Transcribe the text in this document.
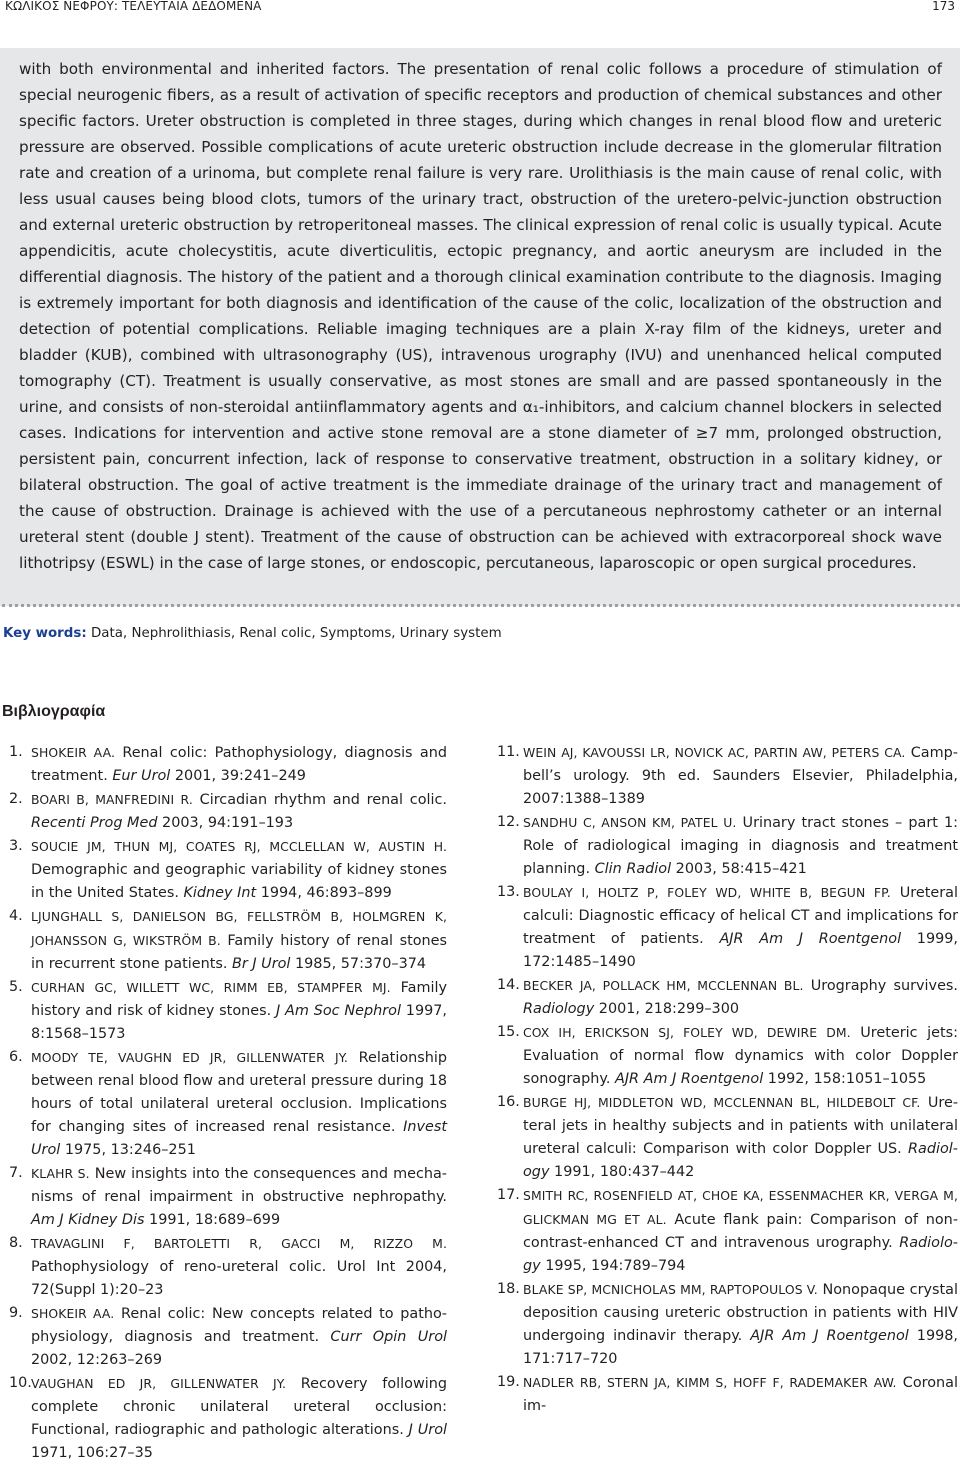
ΚΩΛΙΚΟΣ ΝΕΦΡΟΥ: ΤΕΛΕΥΤΑΙΑ ΔΕΔΟΜΕΝΑ	173

with both environmental and inherited factors. The presentation of renal colic follows a procedure of stimulation of special neurogenic fibers, as a result of activation of specific receptors and production of chemical substances and other specific factors. Ureter obstruction is completed in three stages, during which changes in renal blood flow and ureteric pressure are observed. Possible complications of acute ureteric obstruction include decrease in the glomerular filtration rate and creation of a urinoma, but complete renal failure is very rare. Urolithiasis is the main cause of renal colic, with less usual causes being blood clots, tumors of the urinary tract, obstruction of the uretero-pelvic-junction obstruction and external ureteric obstruction by retroperitoneal masses. The clinical expression of renal colic is usually typical. Acute appendicitis, acute cholecystitis, acute diverticulitis, ectopic pregnancy, and aortic aneurysm are included in the differential diagnosis. The history of the patient and a thorough clinical examination contribute to the diagnosis. Imaging is extremely important for both diagnosis and identification of the cause of the colic, localization of the obstruction and detection of potential complications. Reliable imaging techniques are a plain X-ray film of the kidneys, ureter and bladder (KUB), combined with ultrasonography (US), intravenous urography (IVU) and unenhanced helical computed tomography (CT). Treatment is usually conservative, as most stones are small and are passed spontaneously in the urine, and consists of non-steroidal antiinflammatory agents and α₁-inhibitors, and calcium channel blockers in selected cases. Indications for intervention and active stone removal are a stone diameter of ≥7 mm, prolonged obstruction, persistent pain, concurrent infection, lack of response to conservative treatment, obstruction in a solitary kidney, or bilateral obstruction. The goal of active treatment is the immediate drainage of the urinary tract and management of the cause of obstruction. Drainage is achieved with the use of a percutaneous nephrostomy catheter or an internal ureteral stent (double J stent). Treatment of the cause of obstruction can be achieved with extracorporeal shock wave lithotripsy (ESWL) in the case of large stones, or endoscopic, percutaneous, laparoscopic or open surgical procedures.

Key words: Data, Nephrolithiasis, Renal colic, Symptoms, Urinary system
Βιβλιογραφία
1. SHOKEIR AA. Renal colic: Pathophysiology, diagnosis and treatment. Eur Urol 2001, 39:241–249
2. BOARI B, MANFREDINI R. Circadian rhythm and renal colic. Recenti Prog Med 2003, 94:191–193
3. SOUCIE JM, THUN MJ, COATES RJ, MCCLELLAN W, AUSTIN H. Demographic and geographic variability of kidney stones in the United States. Kidney Int 1994, 46:893–899
4. LJUNGHALL S, DANIELSON BG, FELLSTRÖM B, HOLMGREN K, JOHANSSON G, WIKSTRÖM B. Family history of renal stones in recurrent stone patients. Br J Urol 1985, 57:370–374
5. CURHAN GC, WILLETT WC, RIMM EB, STAMPFER MJ. Family history and risk of kidney stones. J Am Soc Nephrol 1997, 8:1568–1573
6. MOODY TE, VAUGHN ED JR, GILLENWATER JY. Relationship between renal blood flow and ureteral pressure during 18 hours of total unilateral ureteral occlusion. Implications for changing sites of increased renal resistance. Invest Urol 1975, 13:246–251
7. KLAHR S. New insights into the consequences and mechanisms of renal impairment in obstructive nephropathy. Am J Kidney Dis 1991, 18:689–699
8. TRAVAGLINI F, BARTOLETTI R, GACCI M, RIZZO M. Pathophysiology of reno-ureteral colic. Urol Int 2004, 72(Suppl 1):20–23
9. SHOKEIR AA. Renal colic: New concepts related to pathophysiology, diagnosis and treatment. Curr Opin Urol 2002, 12:263–269
10. VAUGHAN ED JR, GILLENWATER JY. Recovery following complete chronic unilateral ureteral occlusion: Functional, radiographic and pathologic alterations. J Urol 1971, 106:27–35
11. WEIN AJ, KAVOUSSI LR, NOVICK AC, PARTIN AW, PETERS CA. Campbell’s urology. 9th ed. Saunders Elsevier, Philadelphia, 2007:1388–1389
12. SANDHU C, ANSON KM, PATEL U. Urinary tract stones – part 1: Role of radiological imaging in diagnosis and treatment planning. Clin Radiol 2003, 58:415–421
13. BOULAY I, HOLTZ P, FOLEY WD, WHITE B, BEGUN FP. Ureteral calculi: Diagnostic efficacy of helical CT and implications for treatment of patients. AJR Am J Roentgenol 1999, 172:1485–1490
14. BECKER JA, POLLACK HM, MCCLENNAN BL. Urography survives. Radiology 2001, 218:299–300
15. COX IH, ERICKSON SJ, FOLEY WD, DEWIRE DM. Ureteric jets: Evaluation of normal flow dynamics with color Doppler sonography. AJR Am J Roentgenol 1992, 158:1051–1055
16. BURGE HJ, MIDDLETON WD, MCCLENNAN BL, HILDEBOLT CF. Ureteral jets in healthy subjects and in patients with unilateral ureteral calculi: Comparison with color Doppler US. Radiology 1991, 180:437–442
17. SMITH RC, ROSENFIELD AT, CHOE KA, ESSENMACHER KR, VERGA M, GLICKMAN MG ET AL. Acute flank pain: Comparison of noncontrast-enhanced CT and intravenous urography. Radiology 1995, 194:789–794
18. BLAKE SP, MCNICHOLAS MM, RAPTOPOULOS V. Nonopaque crystal deposition causing ureteric obstruction in patients with HIV undergoing indinavir therapy. AJR Am J Roentgenol 1998, 171:717–720
19. NADLER RB, STERN JA, KIMM S, HOFF F, RADEMAKER AW. Coronal im-
